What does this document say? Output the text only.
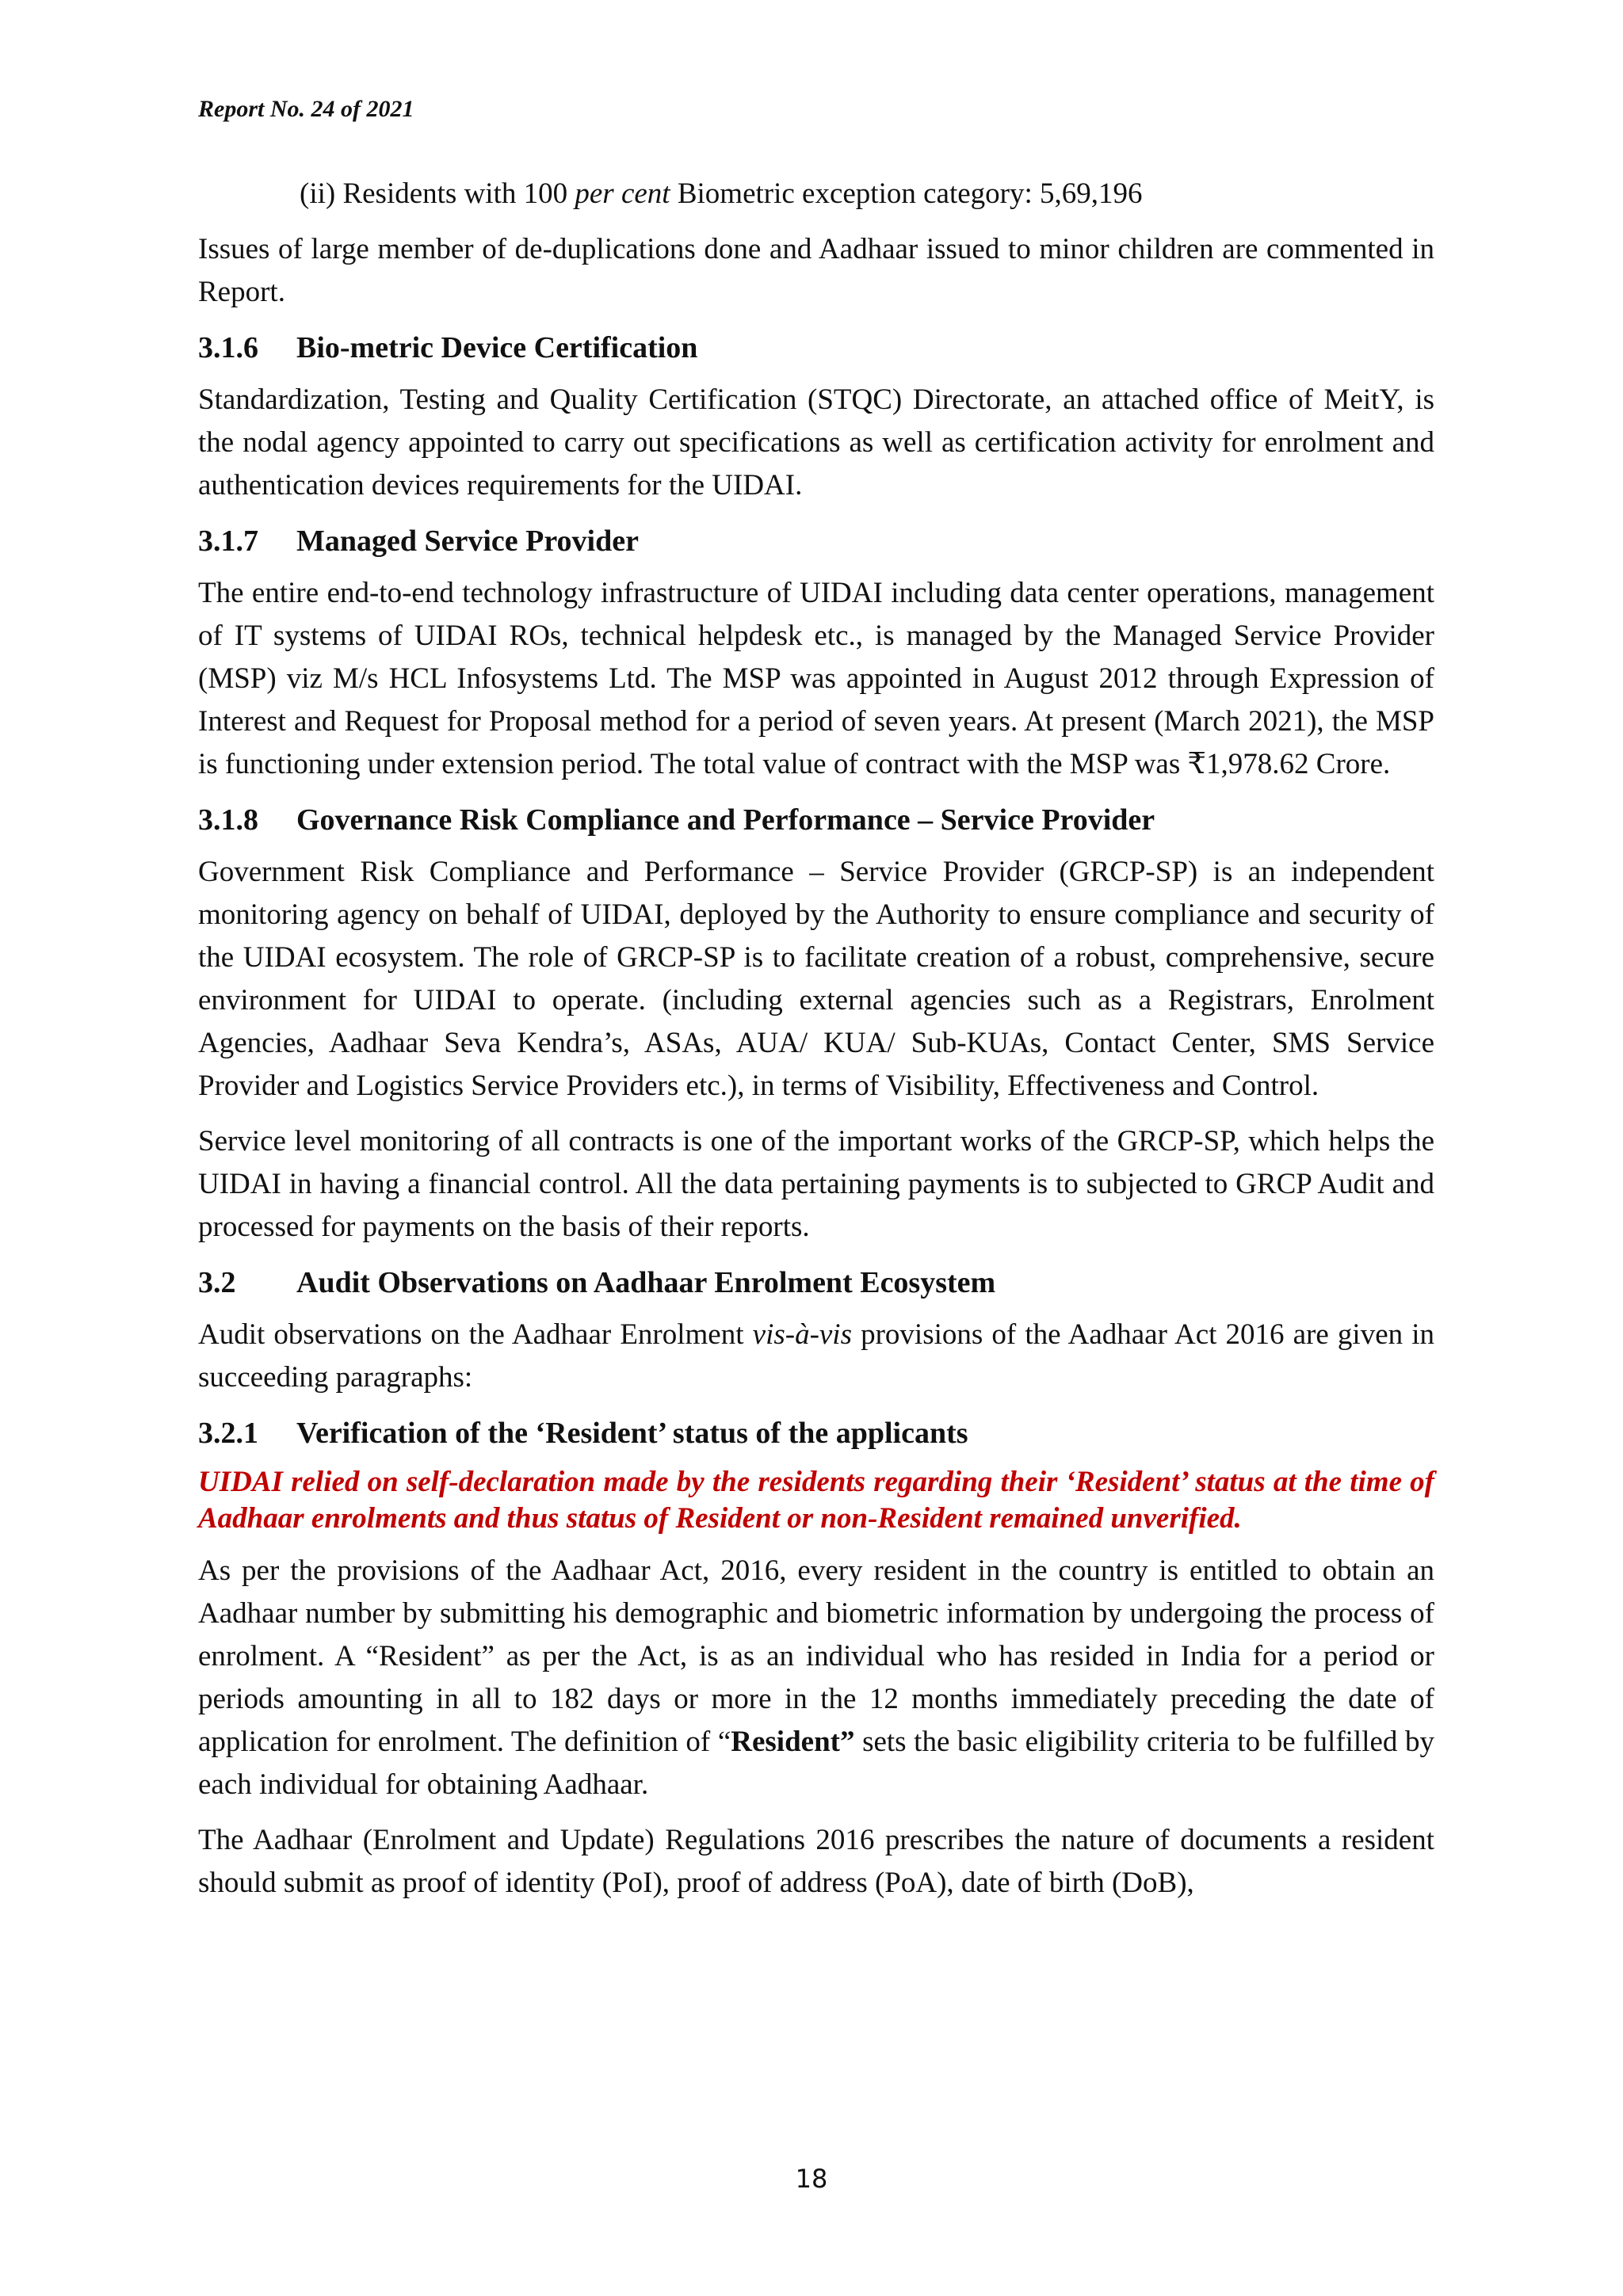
Report No. 24 of 2021

(ii) Residents with 100 per cent Biometric exception category: 5,69,196

Issues of large member of de-duplications done and Aadhaar issued to minor children are commented in Report.

3.1.6	Bio-metric Device Certification

Standardization, Testing and Quality Certification (STQC) Directorate, an attached office of MeitY, is the nodal agency appointed to carry out specifications as well as certification activity for enrolment and authentication devices requirements for the UIDAI.

3.1.7	Managed Service Provider

The entire end-to-end technology infrastructure of UIDAI including data center operations, management of IT systems of UIDAI ROs, technical helpdesk etc., is managed by the Managed Service Provider (MSP) viz M/s HCL Infosystems Ltd. The MSP was appointed in August 2012 through Expression of Interest and Request for Proposal method for a period of seven years. At present (March 2021), the MSP is functioning under extension period. The total value of contract with the MSP was ₹1,978.62 Crore.

3.1.8	Governance Risk Compliance and Performance – Service Provider

Government Risk Compliance and Performance – Service Provider (GRCP-SP) is an independent monitoring agency on behalf of UIDAI, deployed by the Authority to ensure compliance and security of the UIDAI ecosystem. The role of GRCP-SP is to facilitate creation of a robust, comprehensive, secure environment for UIDAI to operate. (including external agencies such as a Registrars, Enrolment Agencies, Aadhaar Seva Kendra’s, ASAs, AUA/ KUA/ Sub-KUAs, Contact Center, SMS Service Provider and Logistics Service Providers etc.), in terms of Visibility, Effectiveness and Control.

Service level monitoring of all contracts is one of the important works of the GRCP-SP, which helps the UIDAI in having a financial control. All the data pertaining payments is to subjected to GRCP Audit and processed for payments on the basis of their reports.

3.2	Audit Observations on Aadhaar Enrolment Ecosystem

Audit observations on the Aadhaar Enrolment vis-à-vis provisions of the Aadhaar Act 2016 are given in succeeding paragraphs:

3.2.1	Verification of the ‘Resident’ status of the applicants

UIDAI relied on self-declaration made by the residents regarding their ‘Resident’ status at the time of Aadhaar enrolments and thus status of Resident or non-Resident remained unverified.

As per the provisions of the Aadhaar Act, 2016, every resident in the country is entitled to obtain an Aadhaar number by submitting his demographic and biometric information by undergoing the process of enrolment. A “Resident” as per the Act, is as an individual who has resided in India for a period or periods amounting in all to 182 days or more in the 12 months immediately preceding the date of application for enrolment. The definition of “Resident” sets the basic eligibility criteria to be fulfilled by each individual for obtaining Aadhaar.

The Aadhaar (Enrolment and Update) Regulations 2016 prescribes the nature of documents a resident should submit as proof of identity (PoI), proof of address (PoA), date of birth (DoB),

18
